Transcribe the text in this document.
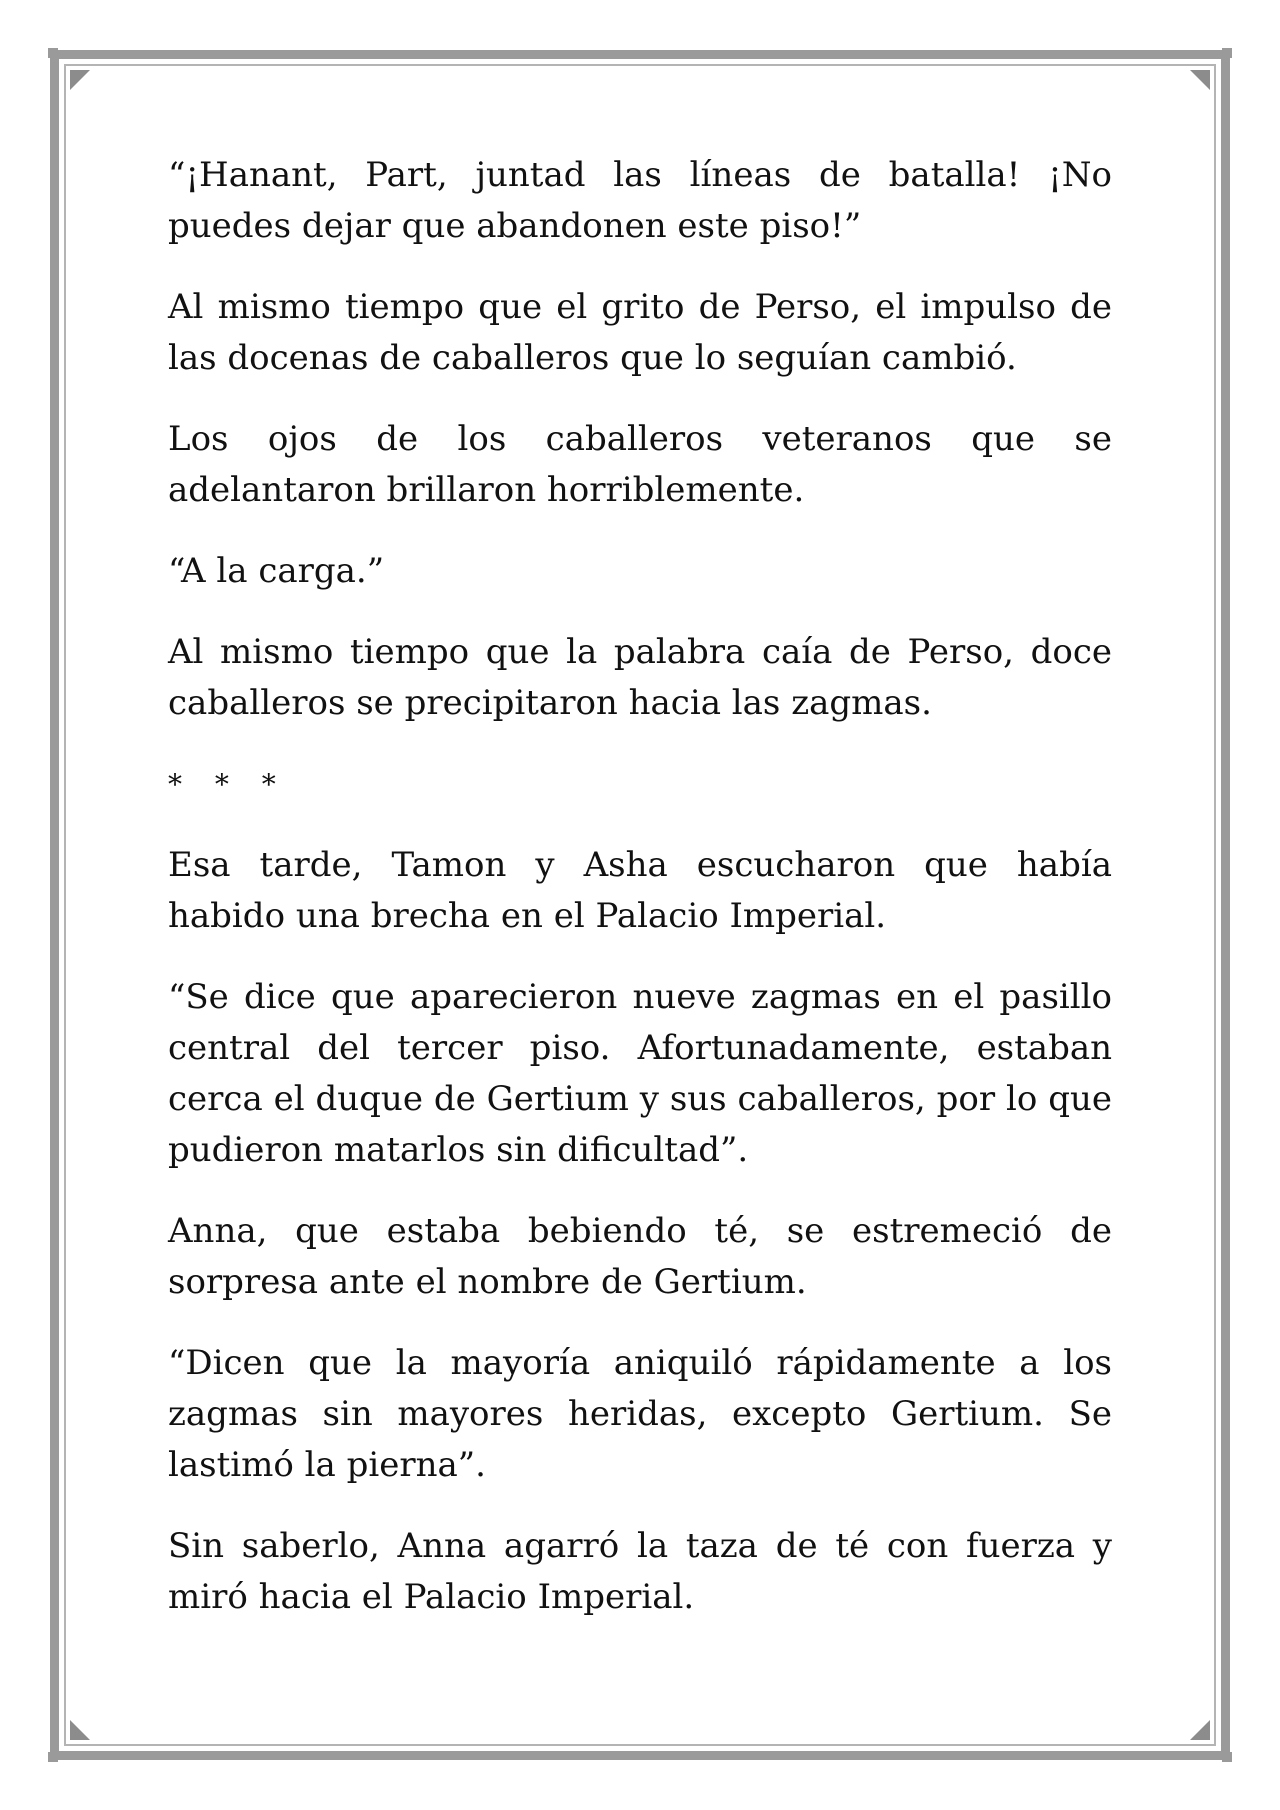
“¡Hanant, Part, juntad las líneas de batalla! ¡No puedes dejar que abandonen este piso!”

Al mismo tiempo que el grito de Perso, el impulso de las docenas de caballeros que lo seguían cambió.

Los ojos de los caballeros veteranos que se adelantaron brillaron horriblemente.

“A la carga.”

Al mismo tiempo que la palabra caía de Perso, doce caballeros se precipitaron hacia las zagmas.

* * *

Esa tarde, Tamon y Asha escucharon que había habido una brecha en el Palacio Imperial.

“Se dice que aparecieron nueve zagmas en el pasillo central del tercer piso. Afortunadamente, estaban cerca el duque de Gertium y sus caballeros, por lo que pudieron matarlos sin dificultad”.

Anna, que estaba bebiendo té, se estremeció de sorpresa ante el nombre de Gertium.

“Dicen que la mayoría aniquiló rápidamente a los zagmas sin mayores heridas, excepto Gertium. Se lastimó la pierna”.

Sin saberlo, Anna agarró la taza de té con fuerza y miró hacia el Palacio Imperial.
